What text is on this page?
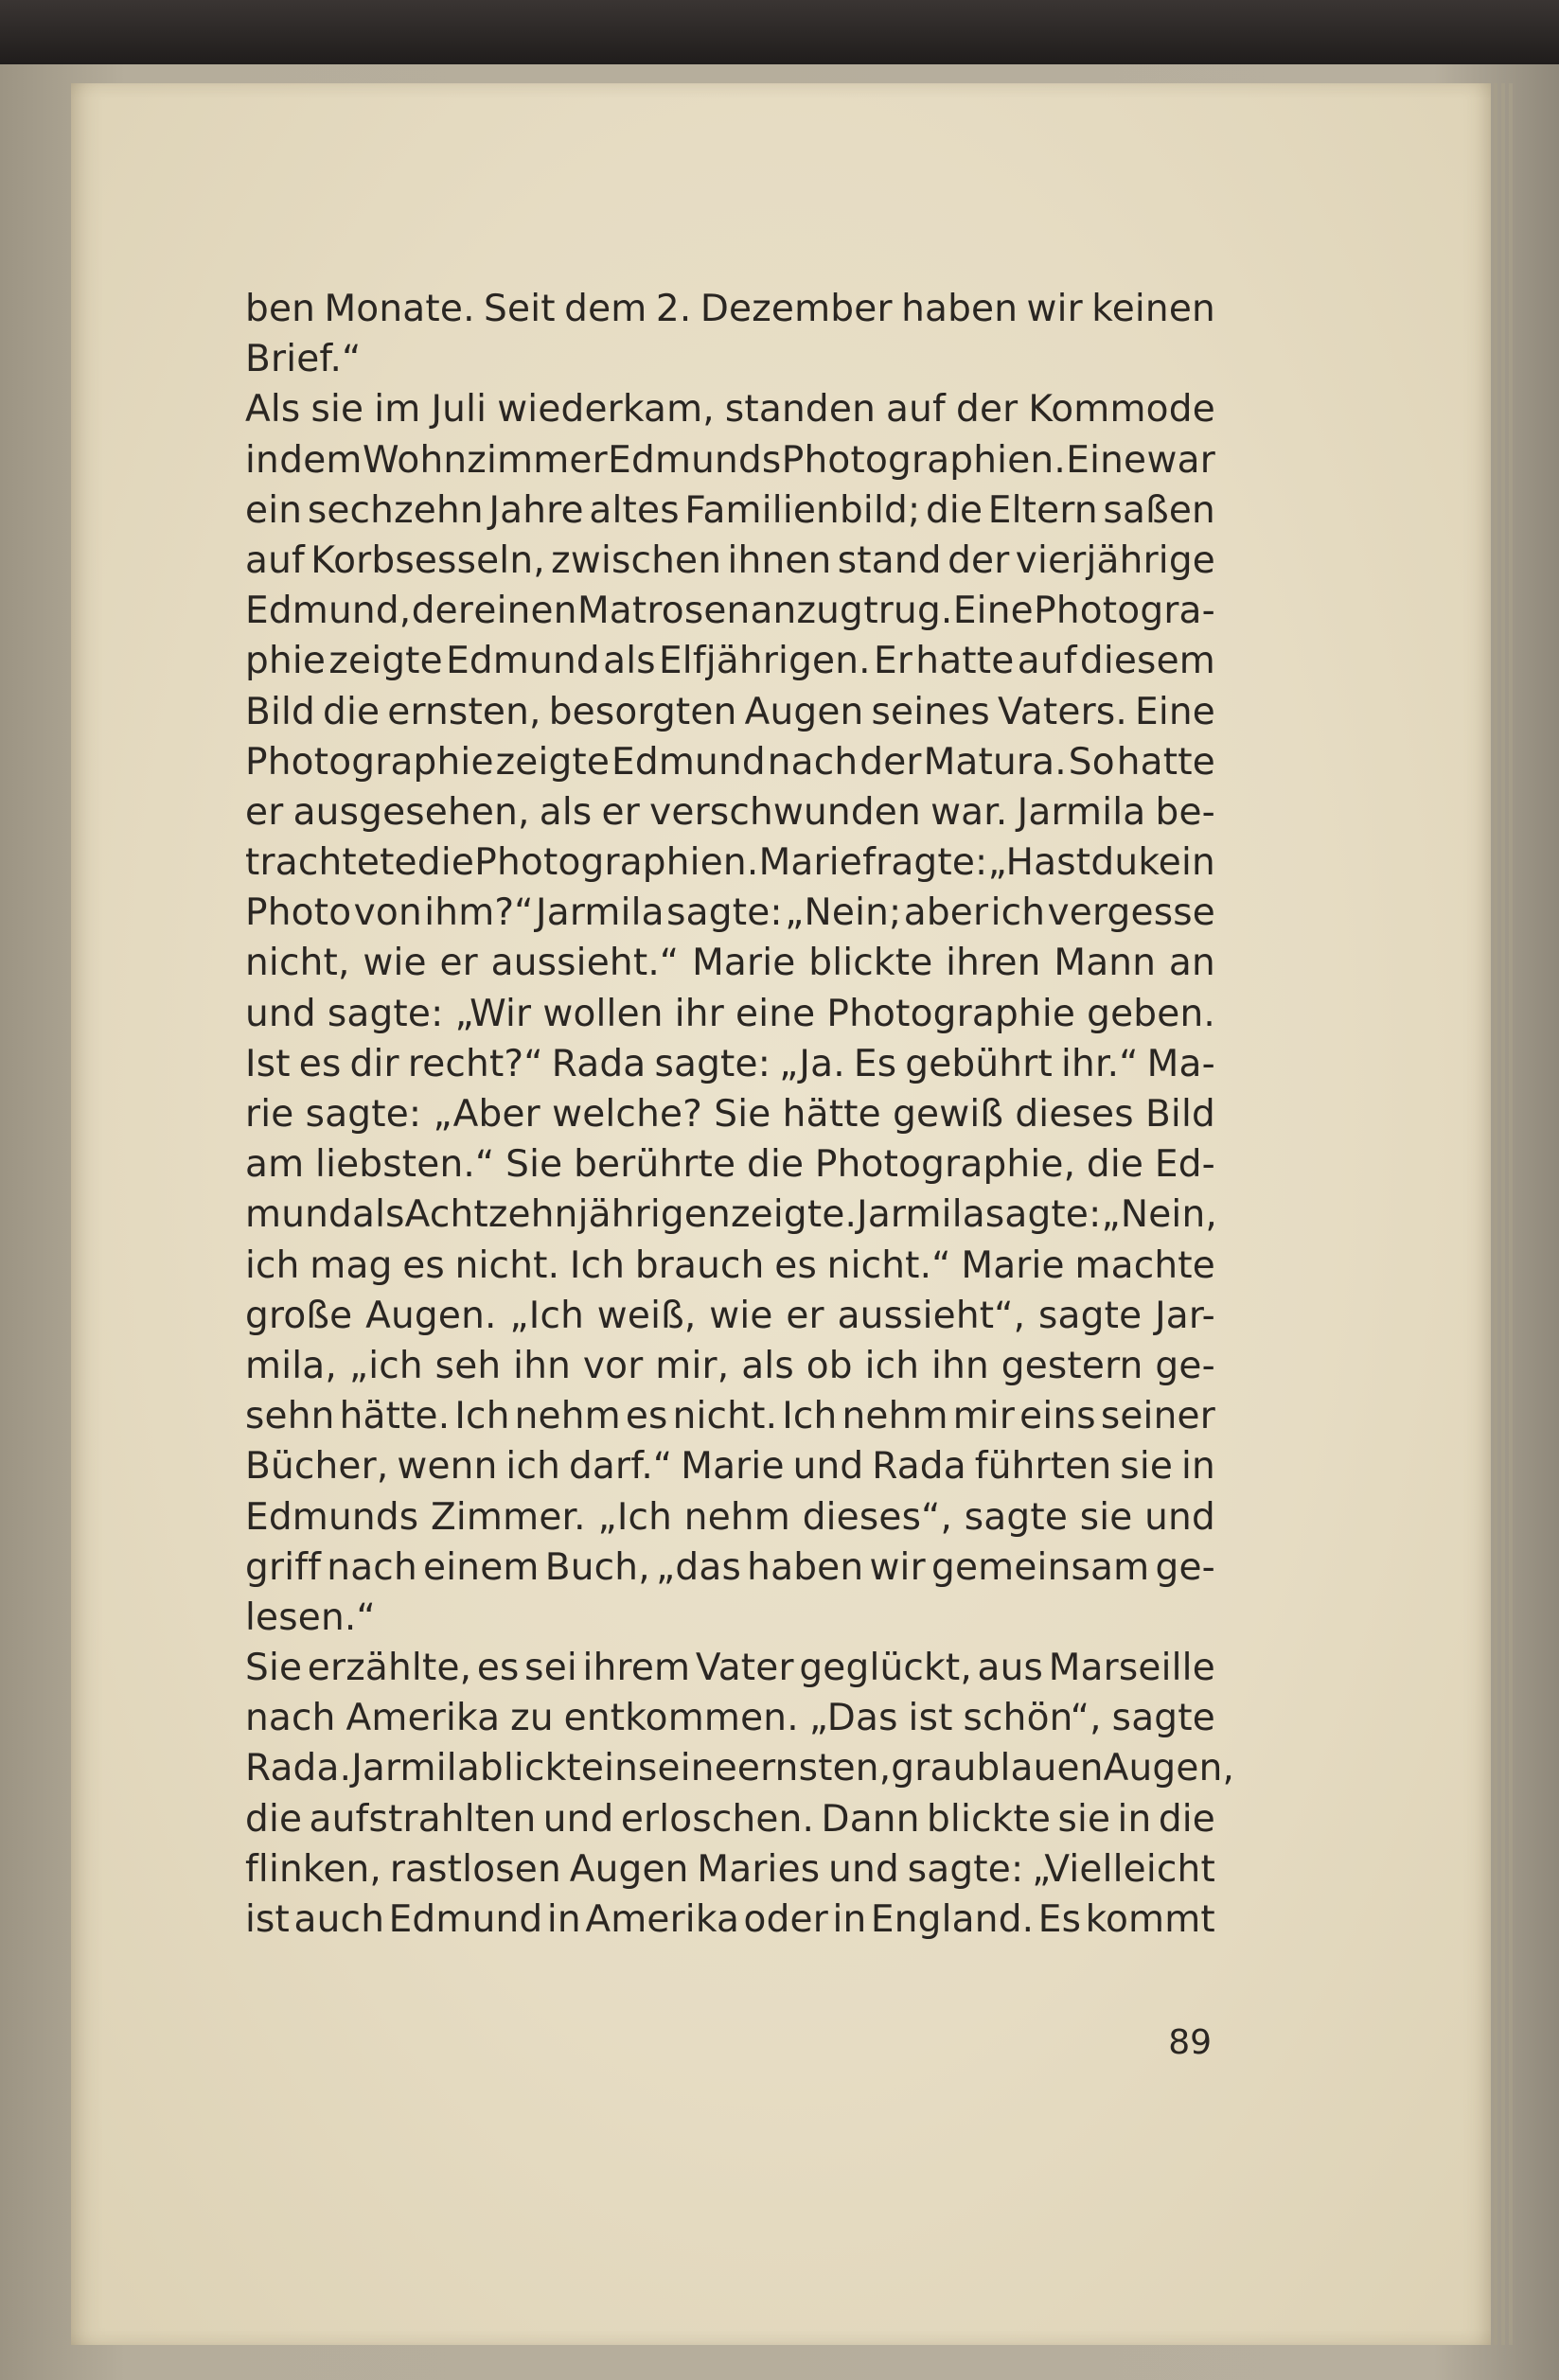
ben Monate. Seit dem 2. Dezember haben wir keinen
Brief.“
Als sie im Juli wiederkam, standen auf der Kommode
in dem Wohnzimmer Edmunds Photographien. Eine war
ein sechzehn Jahre altes Familienbild; die Eltern saßen
auf Korbsesseln, zwischen ihnen stand der vierjährige
Edmund, der einen Matrosenanzug trug. Eine Photogra-
phie zeigte Edmund als Elfjährigen. Er hatte auf diesem
Bild die ernsten, besorgten Augen seines Vaters. Eine
Photographie zeigte Edmund nach der Matura. So hatte
er ausgesehen, als er verschwunden war. Jarmila be-
trachtete die Photographien. Marie fragte: „Hast du kein
Photo von ihm?“ Jarmila sagte: „Nein; aber ich vergesse
nicht, wie er aussieht.“ Marie blickte ihren Mann an
und sagte: „Wir wollen ihr eine Photographie geben.
Ist es dir recht?“ Rada sagte: „Ja. Es gebührt ihr.“ Ma-
rie sagte: „Aber welche? Sie hätte gewiß dieses Bild
am liebsten.“ Sie berührte die Photographie, die Ed-
mund als Achtzehnjährigen zeigte. Jarmila sagte: „Nein,
ich mag es nicht. Ich brauch es nicht.“ Marie machte
große Augen. „Ich weiß, wie er aussieht“, sagte Jar-
mila, „ich seh ihn vor mir, als ob ich ihn gestern ge-
sehn hätte. Ich nehm es nicht. Ich nehm mir eins seiner
Bücher, wenn ich darf.“ Marie und Rada führten sie in
Edmunds Zimmer. „Ich nehm dieses“, sagte sie und
griff nach einem Buch, „das haben wir gemeinsam ge-
lesen.“
Sie erzählte, es sei ihrem Vater geglückt, aus Marseille
nach Amerika zu entkommen. „Das ist schön“, sagte
Rada. Jarmila blickte in seine ernsten, graublauen Augen,
die aufstrahlten und erloschen. Dann blickte sie in die
flinken, rastlosen Augen Maries und sagte: „Vielleicht
ist auch Edmund in Amerika oder in England. Es kommt
89
